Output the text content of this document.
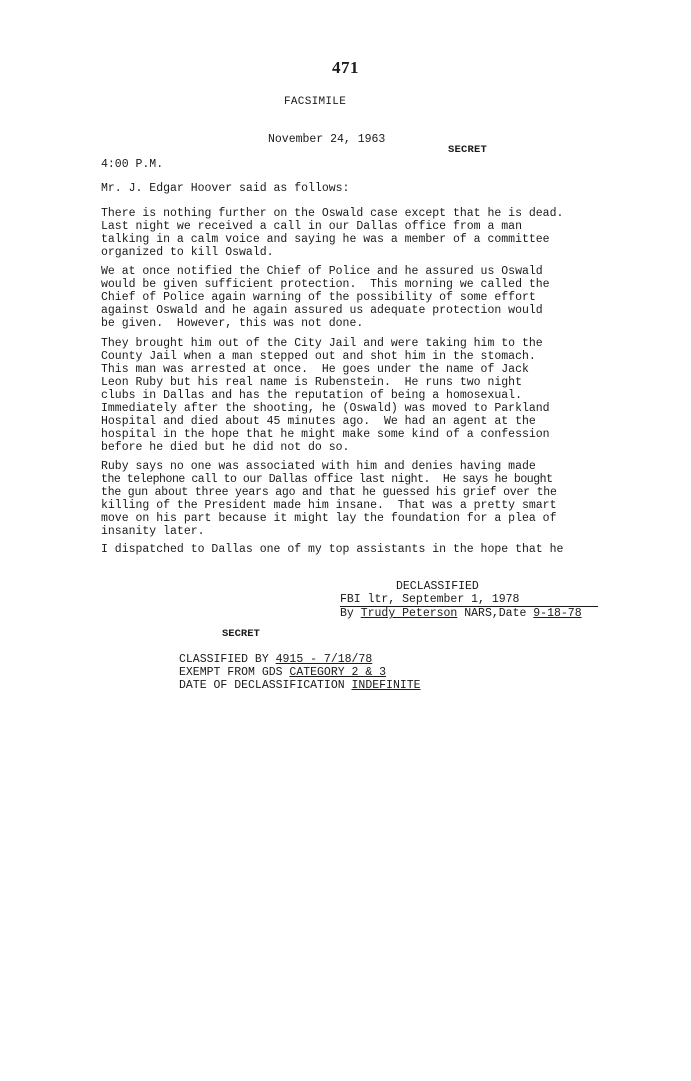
471
FACSIMILE
November 24, 1963
SECRET
4:00 P.M.
Mr. J. Edgar Hoover said as follows:
There is nothing further on the Oswald case except that he is dead.
Last night we received a call in our Dallas office from a man
talking in a calm voice and saying he was a member of a committee
organized to kill Oswald.
We at once notified the Chief of Police and he assured us Oswald
would be given sufficient protection.  This morning we called the
Chief of Police again warning of the possibility of some effort
against Oswald and he again assured us adequate protection would
be given.  However, this was not done.
They brought him out of the City Jail and were taking him to the
County Jail when a man stepped out and shot him in the stomach.
This man was arrested at once.  He goes under the name of Jack
Leon Ruby but his real name is Rubenstein.  He runs two night
clubs in Dallas and has the reputation of being a homosexual.
Immediately after the shooting, he (Oswald) was moved to Parkland
Hospital and died about 45 minutes ago.  We had an agent at the
hospital in the hope that he might make some kind of a confession
before he died but he did not do so.
Ruby says no one was associated with him and denies having made
the telephone call to our Dallas office last night.  He says he bought
the gun about three years ago and that he guessed his grief over the
killing of the President made him insane.  That was a pretty smart
move on his part because it might lay the foundation for a plea of
insanity later.
I dispatched to Dallas one of my top assistants in the hope that he
DECLASSIFIED
FBI ltr, September 1, 1978
By Trudy Peterson NARS,Date 9-18-78
SECRET
CLASSIFIED BY 4915 - 7/18/78
EXEMPT FROM GDS CATEGORY 2 & 3
DATE OF DECLASSIFICATION INDEFINITE
